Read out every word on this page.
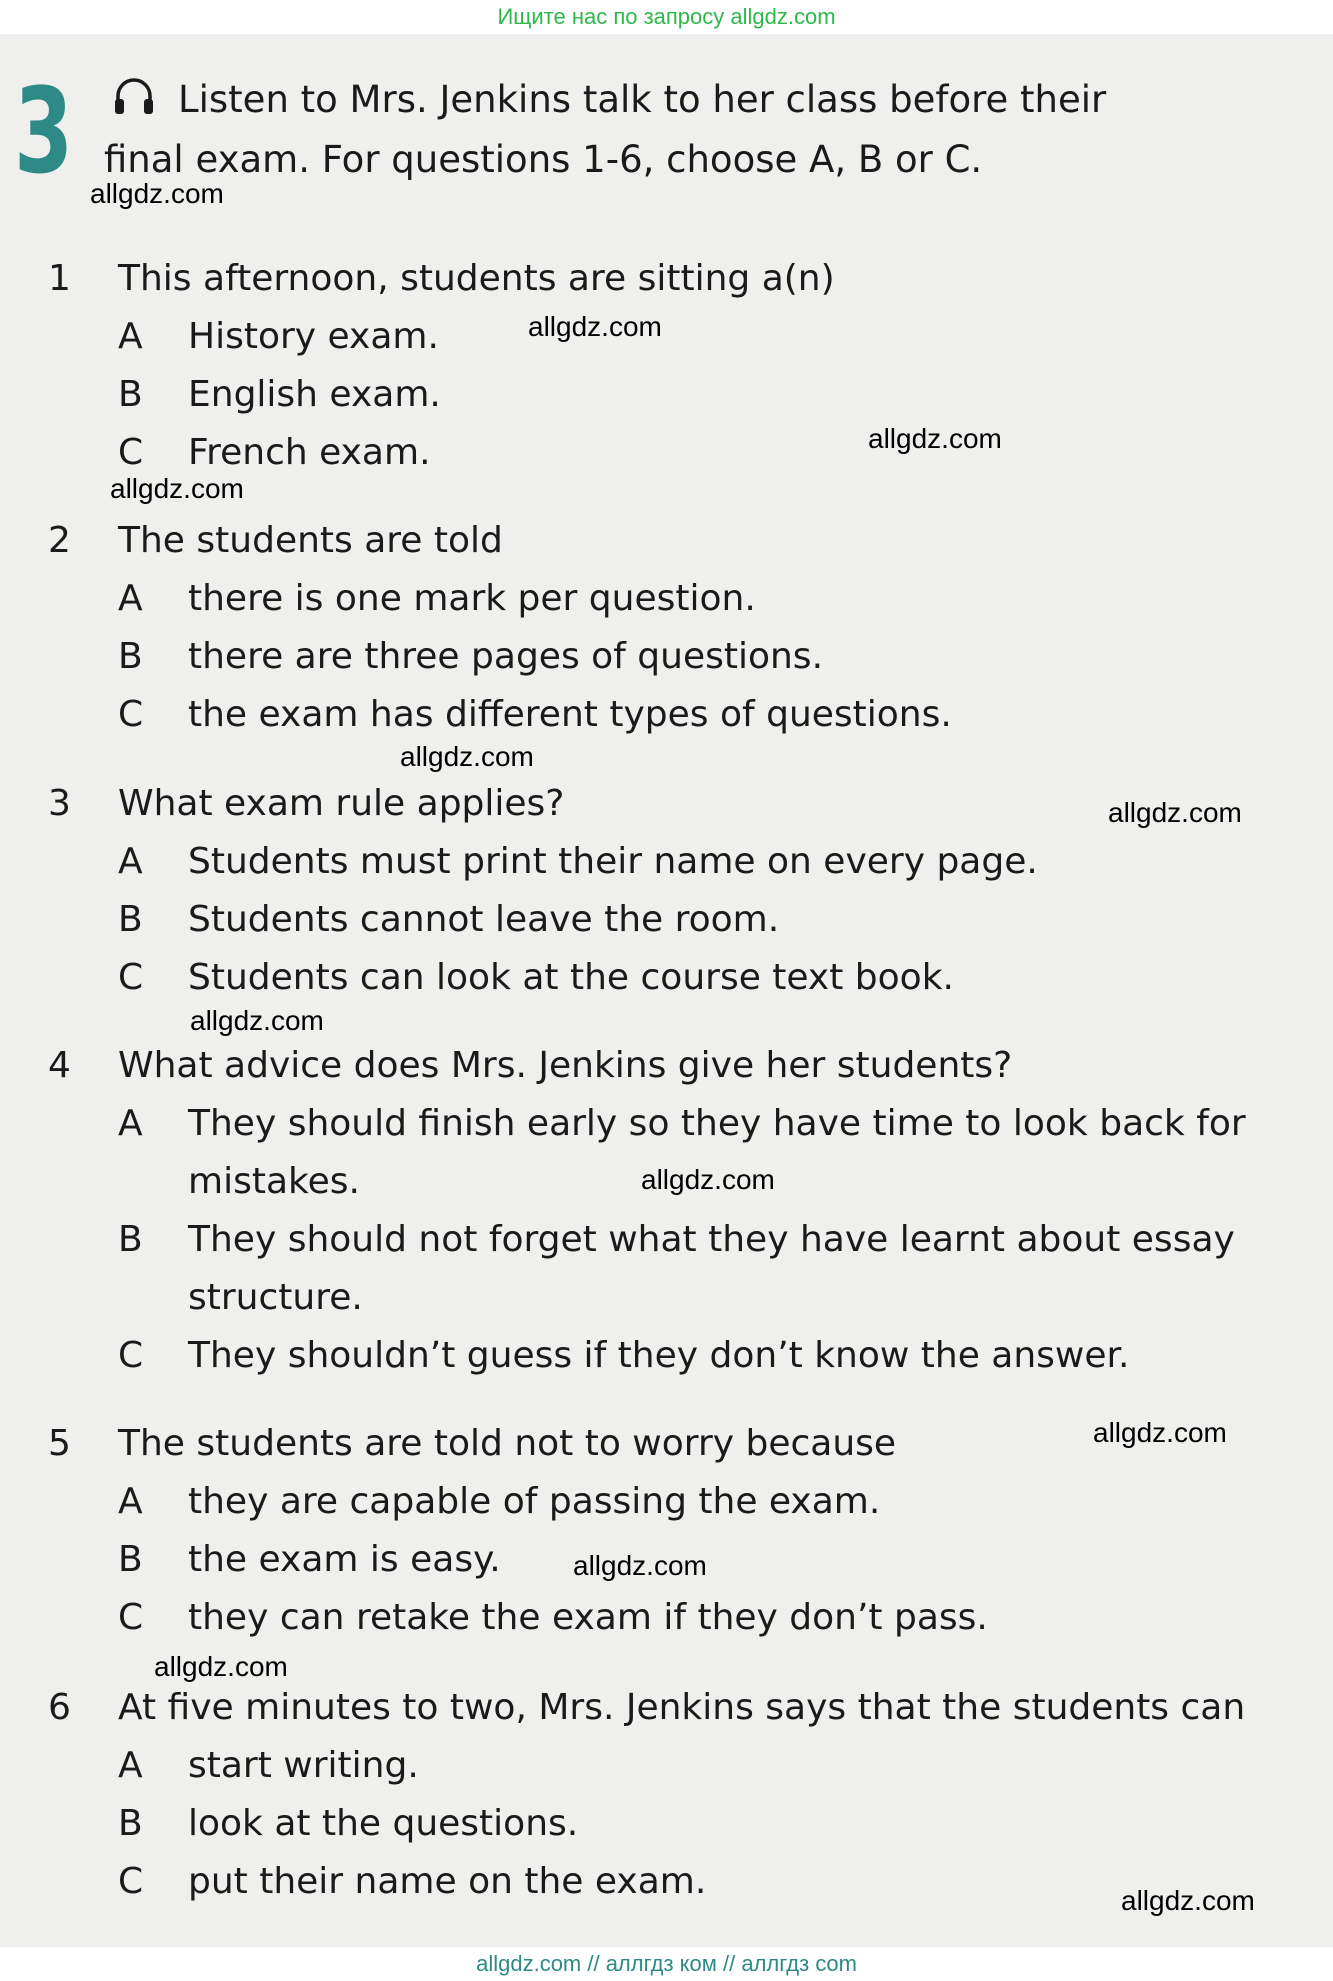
Ищите нас по запросу allgdz.com
3	Listen to Mrs. Jenkins talk to her class before their
final exam. For questions 1-6, choose A, B or C.
1	This afternoon, students are sitting a(n)
A	History exam.
B	English exam.
C	French exam.
2	The students are told
A	there is one mark per question.
B	there are three pages of questions.
C	the exam has different types of questions.
3	What exam rule applies?
A	Students must print their name on every page.
B	Students cannot leave the room.
C	Students can look at the course text book.
4	What advice does Mrs. Jenkins give her students?
A	They should finish early so they have time to look back for mistakes.
B	They should not forget what they have learnt about essay structure.
C	They shouldn’t guess if they don’t know the answer.
5	The students are told not to worry because
A	they are capable of passing the exam.
B	the exam is easy.
C	they can retake the exam if they don’t pass.
6	At five minutes to two, Mrs. Jenkins says that the students can
A	start writing.
B	look at the questions.
C	put their name on the exam.
allgdz.com
allgdz.com
allgdz.com
allgdz.com
allgdz.com
allgdz.com
allgdz.com
allgdz.com
allgdz.com
allgdz.com
allgdz.com
allgdz.com
allgdz.com // аллгдз ком // аллгдз com
